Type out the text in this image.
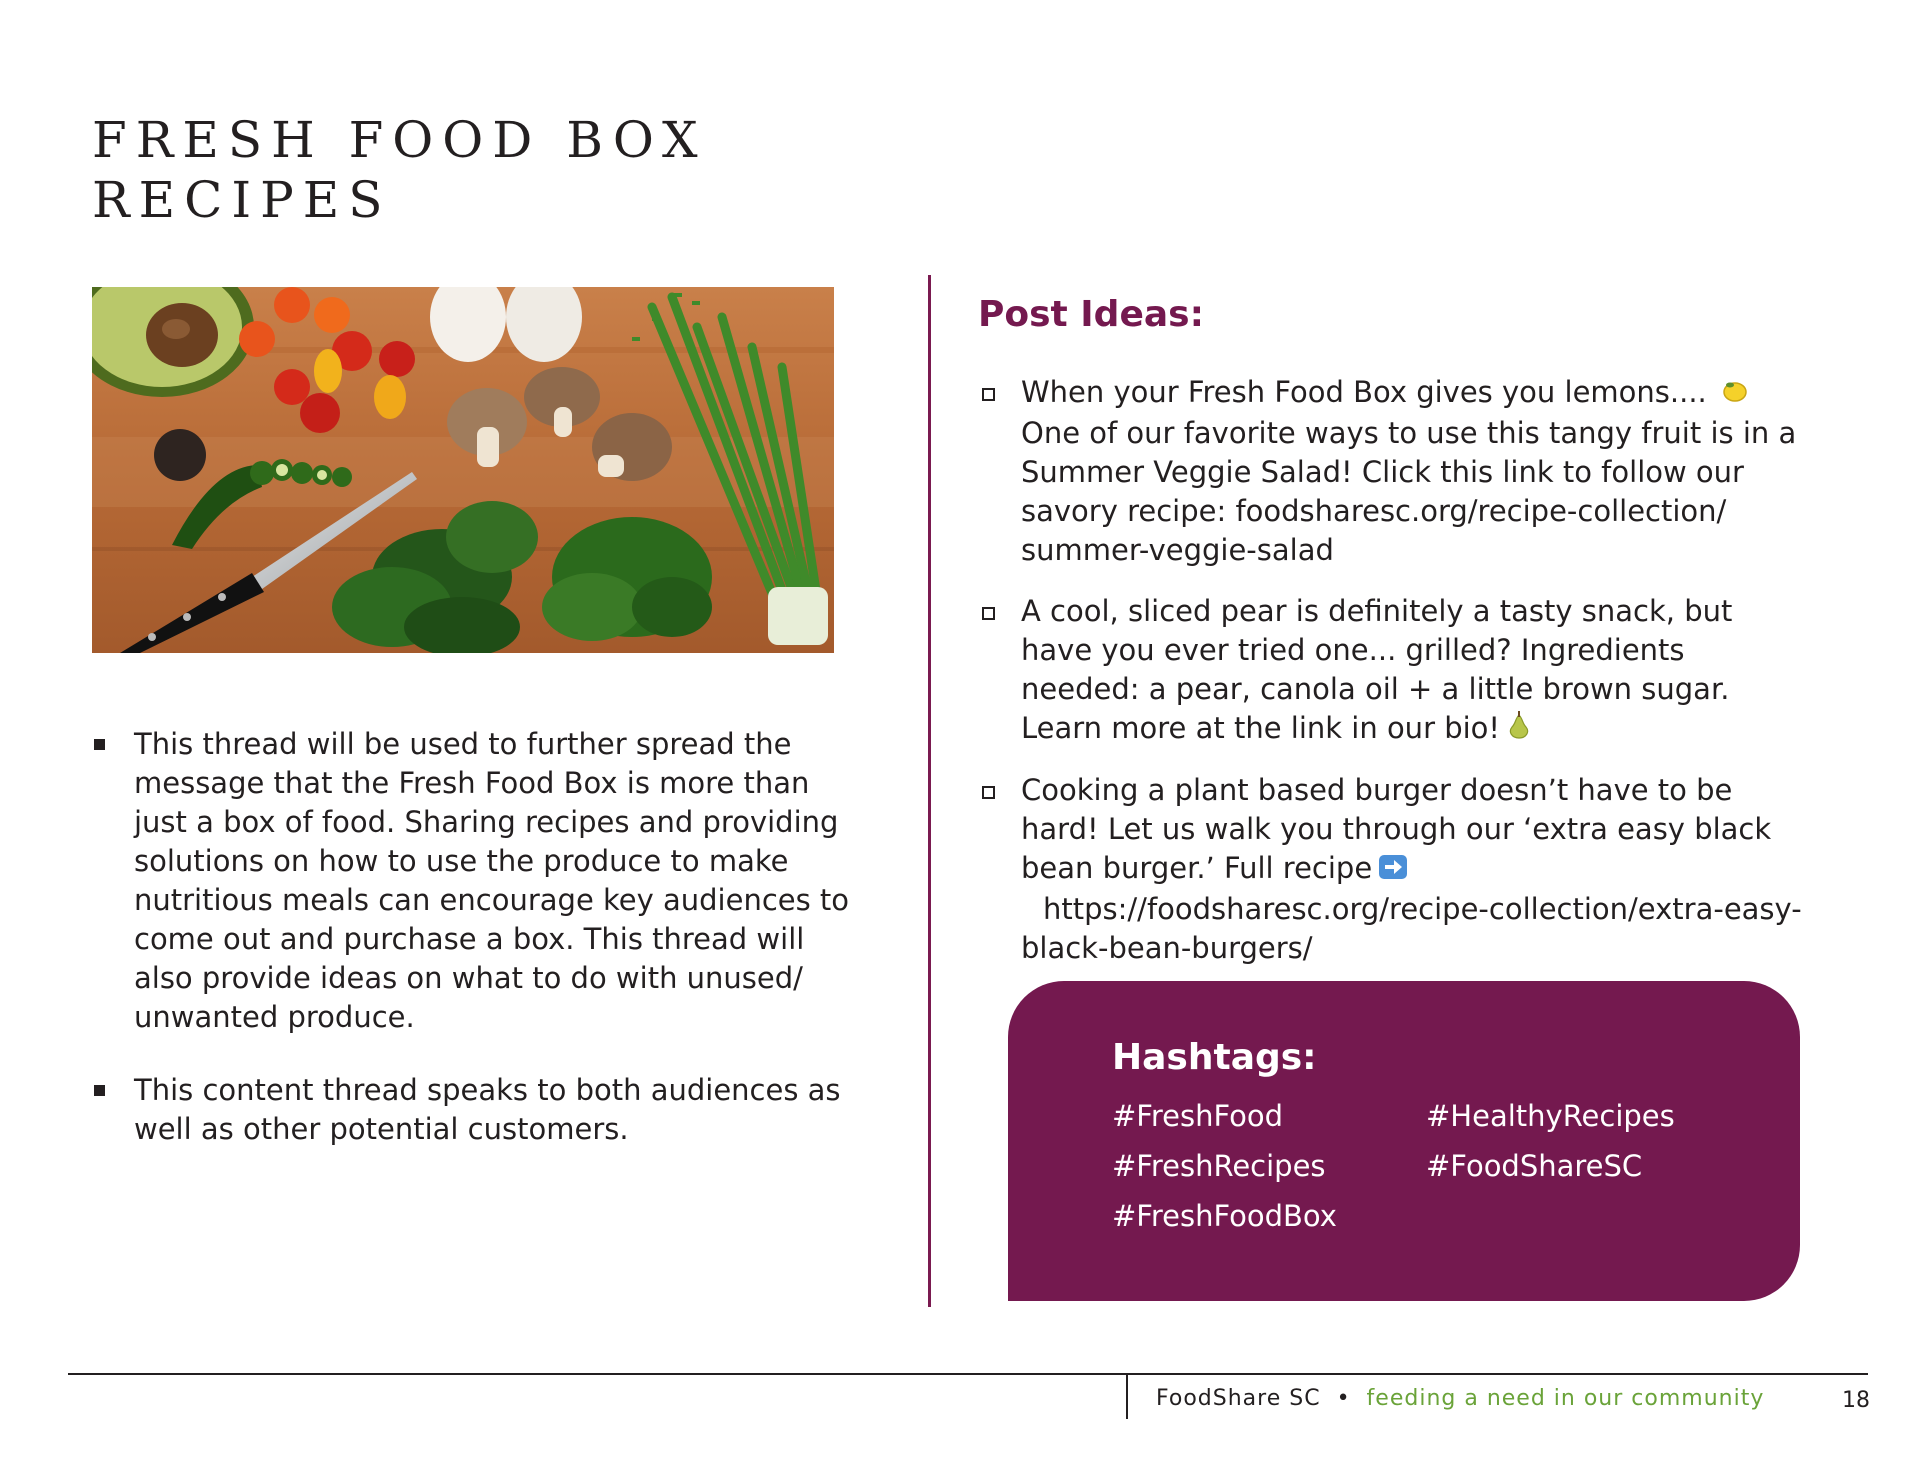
FRESH FOOD BOX
RECIPES
This thread will be used to further spread the message that the Fresh Food Box is more than just a box of food. Sharing recipes and providing solutions on how to use the produce to make nutritious meals can encourage key audiences to come out and purchase a box. This thread will also provide ideas on what to do with unused/ unwanted produce.
This content thread speaks to both audiences as well as other potential customers.
Post Ideas:
When your Fresh Food Box gives you lemons....
One of our favorite ways to use this tangy fruit is in a Summer Veggie Salad! Click this link to follow our savory recipe: foodsharesc.org/recipe-collection/ summer-veggie-salad
A cool, sliced pear is definitely a tasty snack, but have you ever tried one... grilled? Ingredients needed: a pear, canola oil + a little brown sugar. Learn more at the link in our bio!
Cooking a plant based burger doesn’t have to be hard! Let us walk you through our ‘extra easy black bean burger.’ Full recipe https://foodsharesc.org/recipe-collection/extra-easy-black-bean-burgers/
Hashtags:
#FreshFood
#FreshRecipes
#FreshFoodBox
#HealthyRecipes
#FoodShareSC
FoodShare SC • feeding a need in our community	18
